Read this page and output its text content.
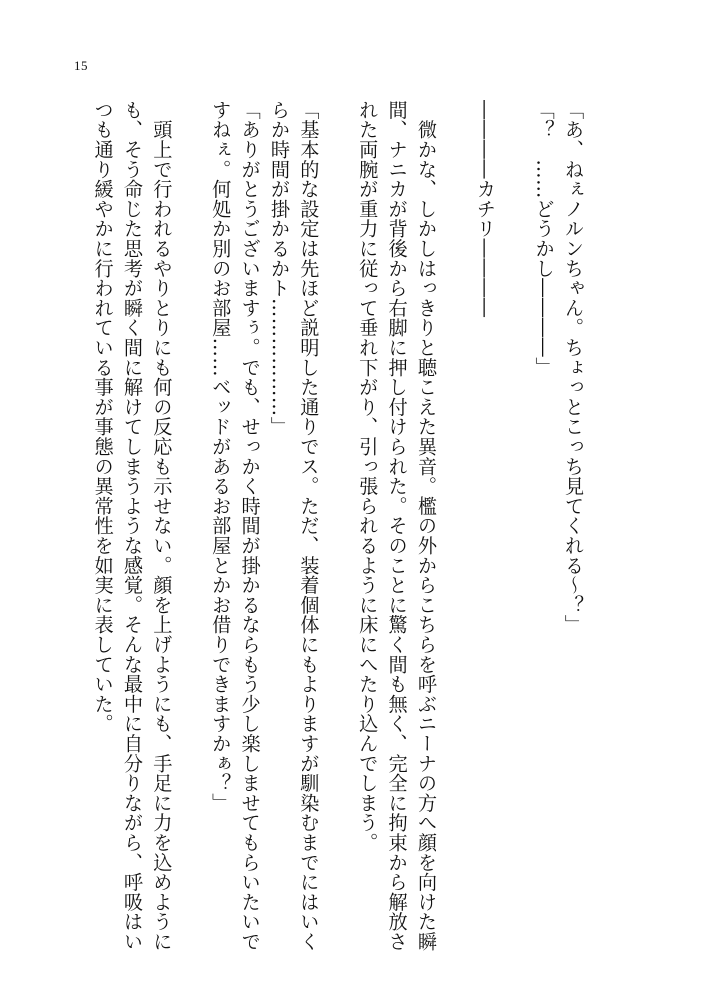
15

「あ、ねぇノルンちゃん。ちょっとこっち見てくれる〜？」

「？　……どうかし――――」

――――カチリ――――

　微かな、しかしはっきりと聴こえた異音。檻の外からこちらを呼ぶニーナの方へ顔を向けた瞬間、ナニカが背後から右脚に押し付けられた。そのことに驚く間も無く、完全に拘束から解放された両腕が重力に従って垂れ下がり、引っ張られるように床にへたり込んでしまう。

「基本的な設定は先ほど説明した通りでス。ただ、装着個体にもよりますが馴染むまでにはいくらか時間が掛かるかト………………」

「ありがとうございますぅ。でも、せっかく時間が掛かるならもう少し楽しませてもらいたいですねぇ。何処か別のお部屋……ベッドがあるお部屋とかお借りできますかぁ？」

　頭上で行われるやりとりにも何の反応も示せない。顔を上げようにも、手足に力を込めようにも、そう命じた思考が瞬く間に解けてしまうような感覚。そんな最中に自分りながら、呼吸はいつも通り緩やかに行われている事が事態の異常性を如実に表していた。
